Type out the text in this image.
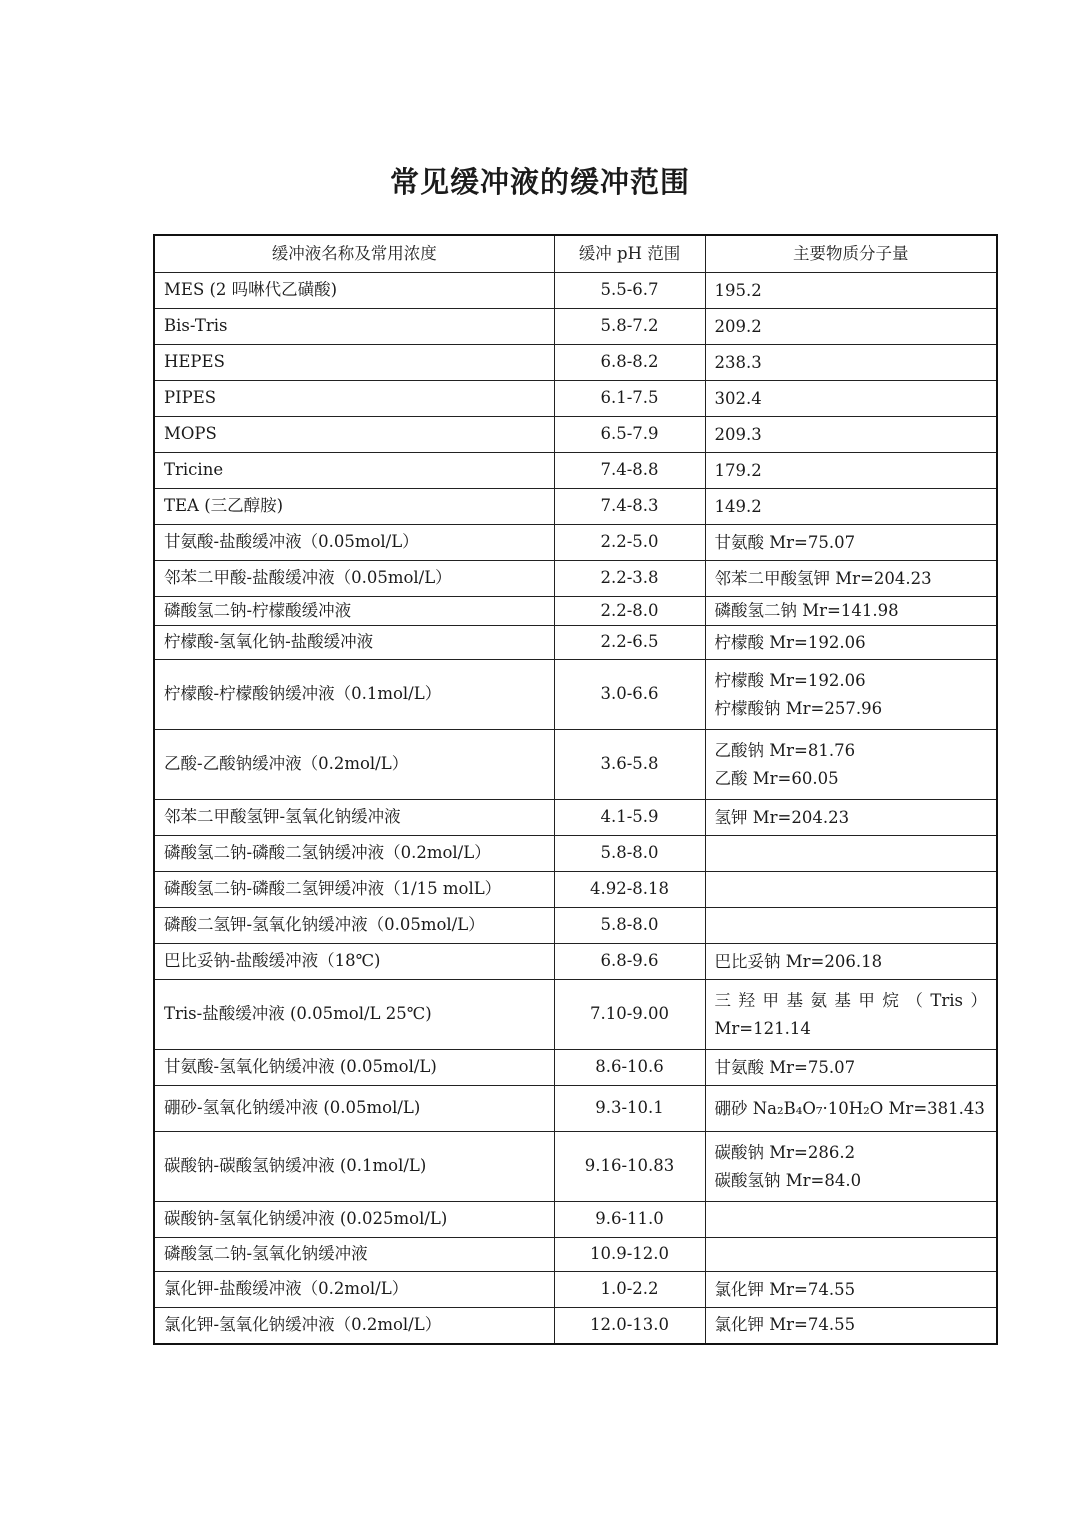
常见缓冲液的缓冲范围
缓冲液名称及常用浓度	缓冲 pH 范围	主要物质分子量
MES (2 吗啉代乙磺酸)	5.5-6.7	195.2

Bis-Tris	5.8-7.2	209.2

HEPES	6.8-8.2	238.3

PIPES	6.1-7.5	302.4

MOPS	6.5-7.9	209.3

Tricine	7.4-8.8	179.2

TEA (三乙醇胺)	7.4-8.3	149.2

甘氨酸-盐酸缓冲液（0.05mol/L）	2.2-5.0	甘氨酸 Mr=75.07

邻苯二甲酸-盐酸缓冲液（0.05mol/L）	2.2-3.8	邻苯二甲酸氢钾 Mr=204.23

磷酸氢二钠-柠檬酸缓冲液	2.2-8.0	磷酸氢二钠 Mr=141.98

柠檬酸-氢氧化钠-盐酸缓冲液	2.2-6.5	柠檬酸 Mr=192.06

柠檬酸-柠檬酸钠缓冲液（0.1mol/L）	3.0-6.6	柠檬酸 Mr=192.06
柠檬酸钠 Mr=257.96

乙酸-乙酸钠缓冲液（0.2mol/L）	3.6-5.8	乙酸钠 Mr=81.76
乙酸 Mr=60.05

邻苯二甲酸氢钾-氢氧化钠缓冲液	4.1-5.9	氢钾 Mr=204.23

磷酸氢二钠-磷酸二氢钠缓冲液（0.2mol/L）	5.8-8.0	
磷酸氢二钠-磷酸二氢钾缓冲液（1/15 molL）	4.92-8.18	
磷酸二氢钾-氢氧化钠缓冲液（0.05mol/L）	5.8-8.0	
巴比妥钠-盐酸缓冲液（18℃)	6.8-9.6	巴比妥钠 Mr=206.18

Tris-盐酸缓冲液 (0.05mol/L 25℃)	7.10-9.00	三羟甲基氨基甲烷（Tris）
Mr=121.14

甘氨酸-氢氧化钠缓冲液 (0.05mol/L)	8.6-10.6	甘氨酸 Mr=75.07

硼砂-氢氧化钠缓冲液 (0.05mol/L)	9.3-10.1	硼砂 Na₂B₄O₇·10H₂O Mr=381.43

碳酸钠-碳酸氢钠缓冲液 (0.1mol/L)	9.16-10.83	碳酸钠 Mr=286.2
碳酸氢钠 Mr=84.0

碳酸钠-氢氧化钠缓冲液 (0.025mol/L)	9.6-11.0	
磷酸氢二钠-氢氧化钠缓冲液	10.9-12.0	
氯化钾-盐酸缓冲液（0.2mol/L）	1.0-2.2	氯化钾 Mr=74.55

氯化钾-氢氧化钠缓冲液（0.2mol/L）	12.0-13.0	氯化钾 Mr=74.55
